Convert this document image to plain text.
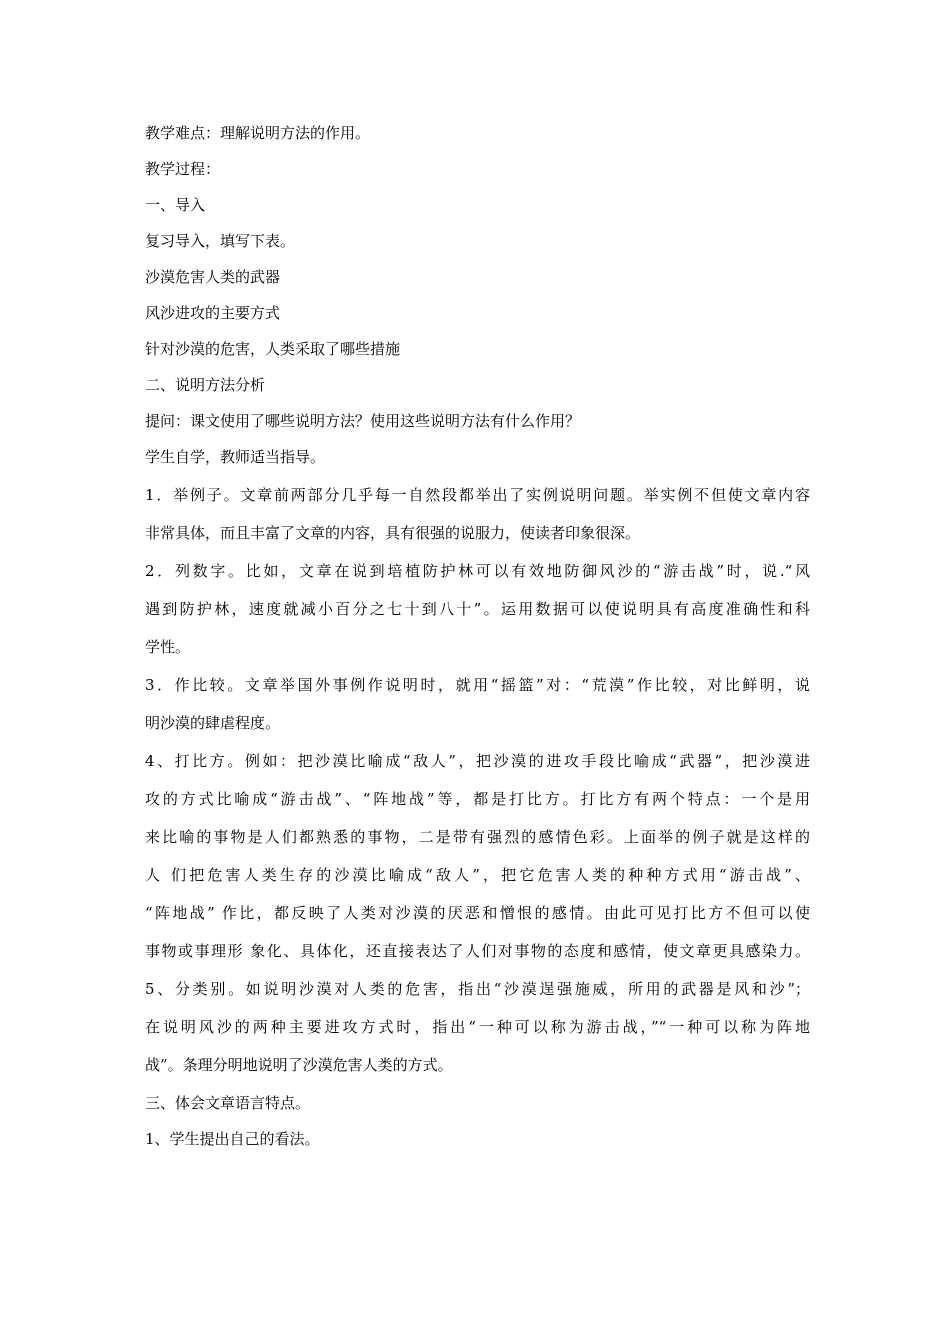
教学难点：理解说明方法的作用。
教学过程：
一、导入
复习导入，填写下表。
沙漠危害人类的武器
风沙进攻的主要方式
针对沙漠的危害，人类采取了哪些措施
二、说明方法分析
提问：课文使用了哪些说明方法？使用这些说明方法有什么作用？
学生自学，教师适当指导。
1．举例子。文章前两部分几乎每一自然段都举出了实例说明问题。举实例不但使文章内容
非常具体，而且丰富了文章的内容，具有很强的说服力，使读者印象很深。
2．列数字。比如，文章在说到培植防护林可以有效地防御风沙的“游击战”时，说.“风
遇到防护林，速度就减小百分之七十到八十”。运用数据可以使说明具有高度准确性和科
学性。
3．作比较。文章举国外事例作说明时，就用“摇篮”对：“荒漠”作比较，对比鲜明，说
明沙漠的肆虐程度。
4、打比方。例如：把沙漠比喻成“敌人”，把沙漠的进攻手段比喻成“武器”，把沙漠进
攻的方式比喻成“游击战”、“阵地战”等，都是打比方。打比方有两个特点：一个是用
来比喻的事物是人们都熟悉的事物，二是带有强烈的感情色彩。上面举的例子就是这样的
人 们把危害人类生存的沙漠比喻成“敌人”，把它危害人类的种种方式用“游击战”、
“阵地战” 作比，都反映了人类对沙漠的厌恶和憎恨的感情。由此可见打比方不但可以使
事物或事理形 象化、具体化，还直接表达了人们对事物的态度和感情，使文章更具感染力。
5、分类别。如说明沙漠对人类的危害，指出“沙漠逞强施威，所用的武器是风和沙”；
在说明风沙的两种主要进攻方式时，指出“一种可以称为游击战，”“一种可以称为阵地
战”。条理分明地说明了沙漠危害人类的方式。
三、体会文章语言特点。
1、学生提出自己的看法。
